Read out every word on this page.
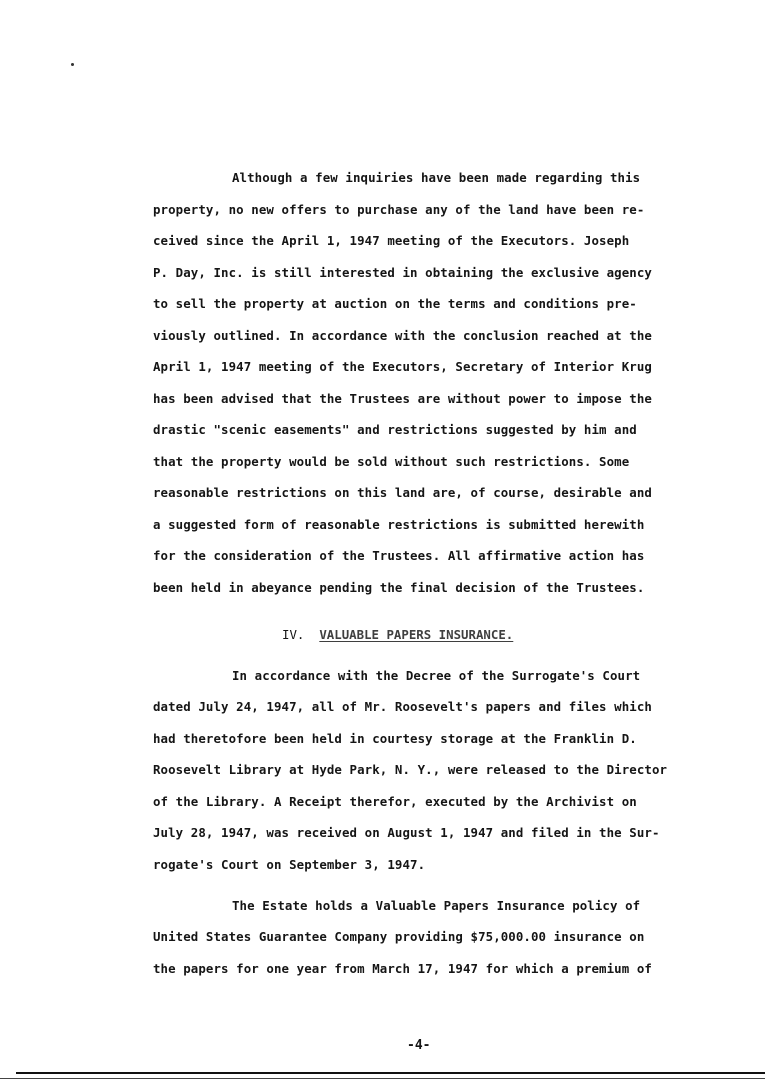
Although a few inquiries have been made regarding this
property, no new offers to purchase any of the land have been re-
ceived since the April 1, 1947 meeting of the Executors. Joseph
P. Day, Inc. is still interested in obtaining the exclusive agency
to sell the property at auction on the terms and conditions pre-
viously outlined. In accordance with the conclusion reached at the
April 1, 1947 meeting of the Executors, Secretary of Interior Krug
has been advised that the Trustees are without power to impose the
drastic "scenic easements" and restrictions suggested by him and
that the property would be sold without such restrictions. Some
reasonable restrictions on this land are, of course, desirable and
a suggested form of reasonable restrictions is submitted herewith
for the consideration of the Trustees. All affirmative action has
been held in abeyance pending the final decision of the Trustees.
IV. VALUABLE PAPERS INSURANCE.
In accordance with the Decree of the Surrogate's Court
dated July 24, 1947, all of Mr. Roosevelt's papers and files which
had theretofore been held in courtesy storage at the Franklin D.
Roosevelt Library at Hyde Park, N. Y., were released to the Director
of the Library. A Receipt therefor, executed by the Archivist on
July 28, 1947, was received on August 1, 1947 and filed in the Sur-
rogate's Court on September 3, 1947.
The Estate holds a Valuable Papers Insurance policy of
United States Guarantee Company providing $75,000.00 insurance on
the papers for one year from March 17, 1947 for which a premium of
-4-
